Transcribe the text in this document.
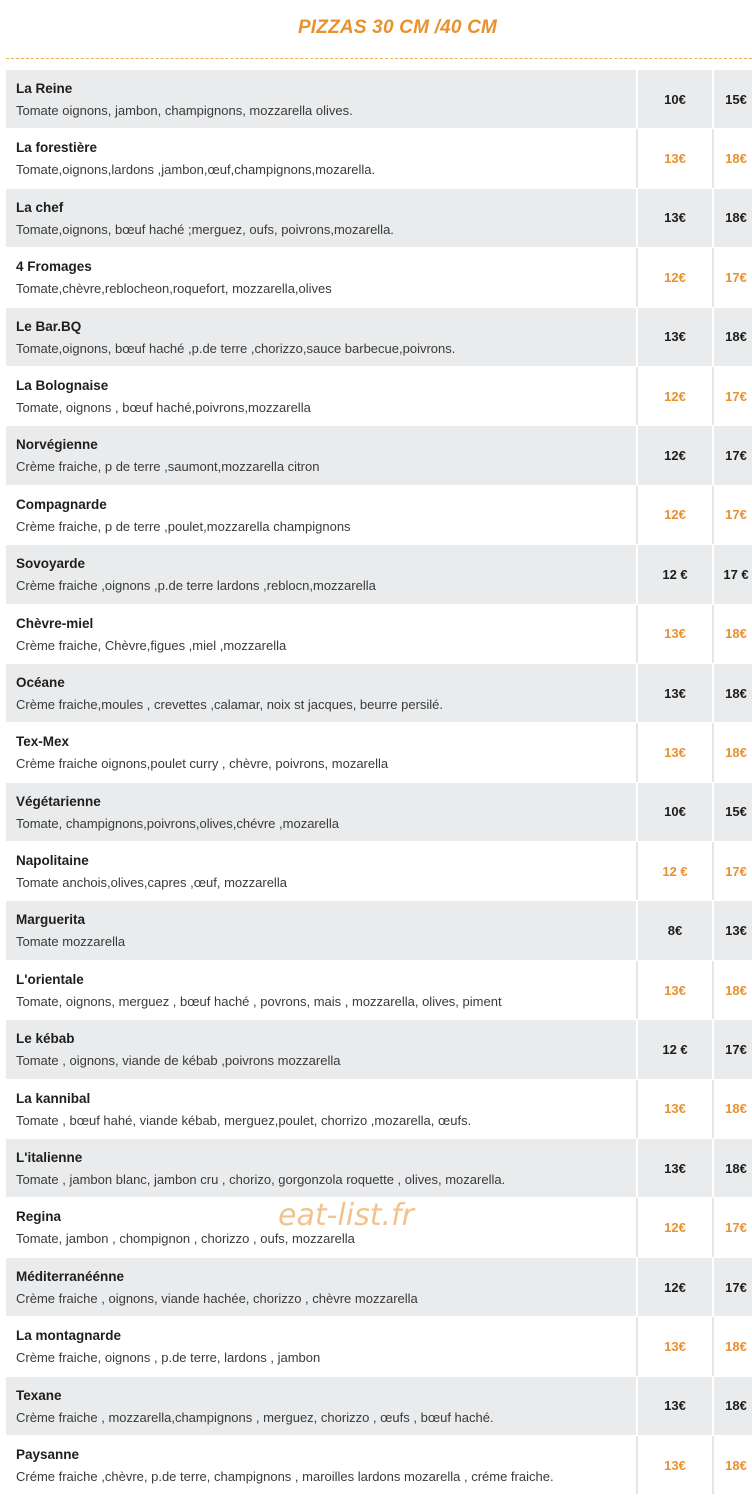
PIZZAS 30 CM /40 CM
La Reine
Tomate oignons, jambon, champignons, mozzarella olives.
10€	15€
La forestière
Tomate,oignons,lardons ,jambon,œuf,champignons,mozarella.
13€	18€
La chef
Tomate,oignons, bœuf haché ;merguez, oufs, poivrons,mozarella.
13€	18€
4 Fromages
Tomate,chèvre,reblocheon,roquefort, mozzarella,olives
12€	17€
Le Bar.BQ
Tomate,oignons, bœuf haché ,p.de terre ,chorizzo,sauce barbecue,poivrons.
13€	18€
La Bolognaise
Tomate, oignons , bœuf haché,poivrons,mozzarella
12€	17€
Norvégienne
Crème fraiche, p de terre ,saumont,mozzarella citron
12€	17€
Compagnarde
Crème fraiche, p de terre ,poulet,mozzarella champignons
12€	17€
Sovoyarde
Crème fraiche ,oignons ,p.de terre lardons ,reblocn,mozzarella
12 €	17 €
Chèvre-miel
Crème fraiche, Chèvre,figues ,miel ,mozzarella
13€	18€
Océane
Crème fraiche,moules , crevettes ,calamar, noix st jacques, beurre persilé.
13€	18€
Tex-Mex
Crème fraiche oignons,poulet curry , chèvre, poivrons, mozarella
13€	18€
Végétarienne
Tomate, champignons,poivrons,olives,chévre ,mozarella
10€	15€
Napolitaine
Tomate anchois,olives,capres ,œuf, mozzarella
12 €	17€
Marguerita
Tomate mozzarella
8€	13€
L'orientale
Tomate, oignons, merguez , bœuf haché , povrons, mais , mozzarella, olives, piment
13€	18€
Le kébab
Tomate , oignons, viande de kébab ,poivrons mozzarella
12 €	17€
La kannibal
Tomate , bœuf hahé, viande kébab, merguez,poulet, chorrizo ,mozarella, œufs.
13€	18€
L'italienne
Tomate , jambon blanc, jambon cru , chorizo, gorgonzola roquette , olives, mozarella.
13€	18€
Regina
Tomate, jambon , chompignon , chorizzo , oufs, mozzarella
12€	17€
Méditerranéénne
Crème fraiche , oignons, viande hachée, chorizzo , chèvre mozzarella
12€	17€
La montagnarde
Crème fraiche, oignons , p.de terre, lardons , jambon
13€	18€
Texane
Crème fraiche , mozzarella,champignons , merguez, chorizzo , œufs , bœuf haché.
13€	18€
Paysanne
Créme fraiche ,chèvre, p.de terre, champignons , maroilles lardons mozarella , créme fraiche.
13€	18€
eat-list.fr
